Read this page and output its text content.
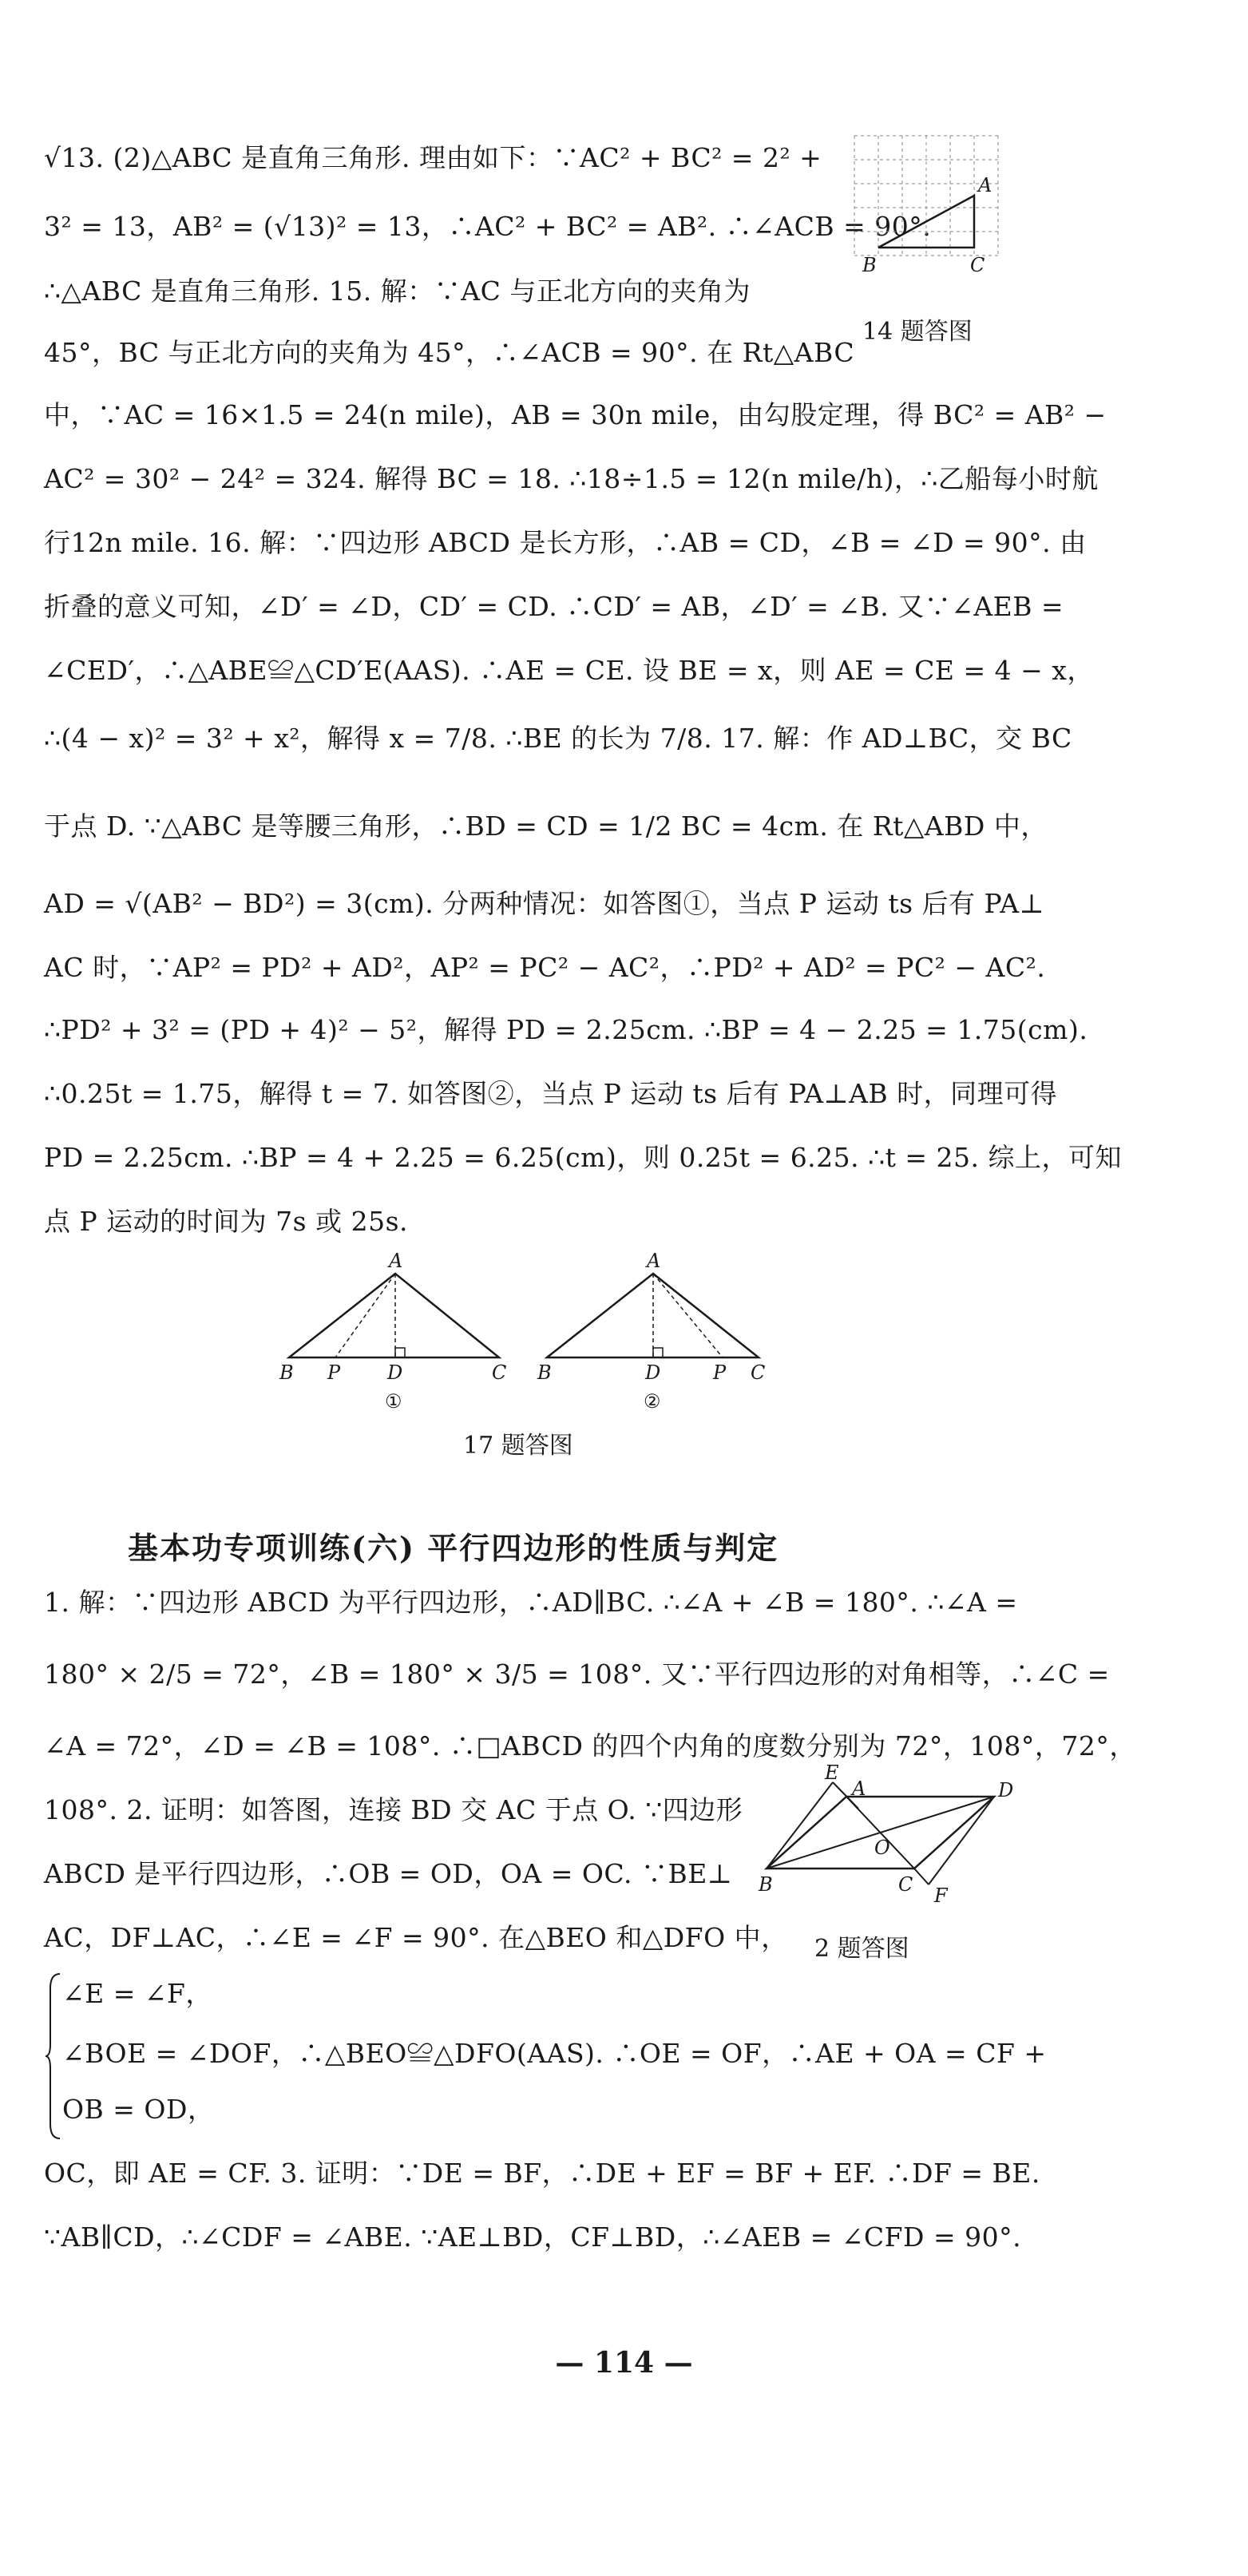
√13. (2)△ABC 是直角三角形. 理由如下：∵AC² + BC² = 2² +
3² = 13，AB² = (√13)² = 13，∴AC² + BC² = AB². ∴∠ACB = 90°.
∴△ABC 是直角三角形. 15. 解：∵AC 与正北方向的夹角为
45°，BC 与正北方向的夹角为 45°，∴∠ACB = 90°. 在 Rt△ABC
中，∵AC = 16×1.5 = 24(n mile)，AB = 30n mile，由勾股定理，得 BC² = AB² −
AC² = 30² − 24² = 324. 解得 BC = 18. ∴18÷1.5 = 12(n mile/h)，∴乙船每小时航
行12n mile. 16. 解：∵四边形 ABCD 是长方形，∴AB = CD，∠B = ∠D = 90°. 由
折叠的意义可知，∠D′ = ∠D，CD′ = CD. ∴CD′ = AB，∠D′ = ∠B. 又∵∠AEB =
∠CED′，∴△ABE≌△CD′E(AAS). ∴AE = CE. 设 BE = x，则 AE = CE = 4 − x，
∴(4 − x)² = 3² + x²，解得 x = 7/8. ∴BE 的长为 7/8. 17. 解：作 AD⊥BC，交 BC
于点 D. ∵△ABC 是等腰三角形，∴BD = CD = 1/2 BC = 4cm. 在 Rt△ABD 中，
AD = √(AB² − BD²) = 3(cm). 分两种情况：如答图①，当点 P 运动 ts 后有 PA⊥
AC 时，∵AP² = PD² + AD²，AP² = PC² − AC²，∴PD² + AD² = PC² − AC².
∴PD² + 3² = (PD + 4)² − 5²，解得 PD = 2.25cm. ∴BP = 4 − 2.25 = 1.75(cm).
∴0.25t = 1.75，解得 t = 7. 如答图②，当点 P 运动 ts 后有 PA⊥AB 时，同理可得
PD = 2.25cm. ∴BP = 4 + 2.25 = 6.25(cm)，则 0.25t = 6.25. ∴t = 25. 综上，可知
点 P 运动的时间为 7s 或 25s.
基本功专项训练(六) 平行四边形的性质与判定
1. 解：∵四边形 ABCD 为平行四边形，∴AD∥BC. ∴∠A + ∠B = 180°. ∴∠A =
180° × 2/5 = 72°，∠B = 180° × 3/5 = 108°. 又∵平行四边形的对角相等，∴∠C =
∠A = 72°，∠D = ∠B = 108°. ∴□ABCD 的四个内角的度数分别为 72°，108°，72°，
108°. 2. 证明：如答图，连接 BD 交 AC 于点 O. ∵四边形
ABCD 是平行四边形，∴OB = OD，OA = OC. ∵BE⊥
AC，DF⊥AC，∴∠E = ∠F = 90°. 在△BEO 和△DFO 中，
∠E = ∠F，
∠BOE = ∠DOF，∴△BEO≌△DFO(AAS). ∴OE = OF，∴AE + OA = CF +
OB = OD，
OC，即 AE = CF. 3. 证明：∵DE = BF，∴DE + EF = BF + EF. ∴DF = BE.
∵AB∥CD，∴∠CDF = ∠ABE. ∵AE⊥BD，CF⊥BD，∴∠AEB = ∠CFD = 90°.
A
B	C
14 题答图
A
B P D	C
①
A
B	D	P C
②
17 题答图
E
A	D
O
B	C F
2 题答图
— 114 —
